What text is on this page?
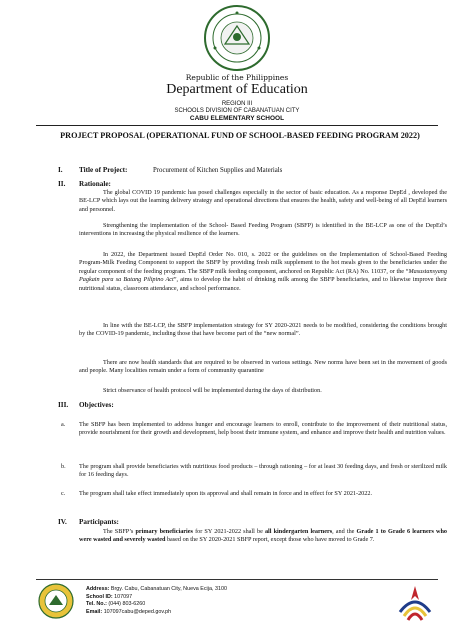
Republic of the Philippines
Department of Education
REGION III
SCHOOLS DIVISION OF CABANATUAN CITY
CABU ELEMENTARY SCHOOL
PROJECT PROPOSAL (OPERATIONAL FUND OF SCHOOL-BASED FEEDING PROGRAM 2022)
I. Title of Project:	Procurement of Kitchen Supplies and Materials
II. Rationale:

The global COVID 19 pandemic has posed challenges especially in the sector of basic education. As a response DepEd , developed the BE-LCP which lays out the learning delivery strategy and operational directions that ensures the health, safety and well-being of all DepEd learners and personnel.

Strengthening the implementation of the School- Based Feeding Program (SBFP) is identified in the BE-LCP as one of the DepEd’s interventions in increasing the physical resilience of the learners.

In 2022, the Department issued DepEd Order No. 010, s. 2022 or the guidelines on the Implementation of School-Based Feeding Program-Milk Feeding Component to support the SBFP by providing fresh milk supplement to the hot meals given to the beneficiaries under the regular component of the feeding program. The SBFP milk feeding component, anchored on Republic Act (RA) No. 11037, or the “Masustansyang Pagkain para sa Batang Pilipino Act”, aims to develop the habit of drinking milk among the SBFP beneficiaries, and to likewise improve their nutritional status, classroom attendance, and school performance.

In line with the BE-LCP, the SBFP implementation strategy for SY 2020-2021 needs to be modified, considering the conditions brought by the COVID-19 pandemic, including those that have become part of the “new normal”.

There are now health standards that are required to be observed in various settings. New norms have been set in the movement of goods and people. Many localities remain under a form of community quarantine

Strict observance of health protocol will be implemented during the days of distribution.

III. Objectives:
a. The SBFP has been implemented to address hunger and encourage learners to enroll, contribute to the improvement of their nutritional status, provide nourishment for their growth and development, help boost their immune system, and enhance and improve their health and nutrition values.

b. The program shall provide beneficiaries with nutritious food products – through rationing – for at least 30 feeding days, and fresh or sterilized milk for 16 feeding days.

c. The program shall take effect immediately upon its approval and shall remain in force and in effect for SY 2021-2022.

IV. Participants:

The SBFP’s primary beneficiaries for SY 2021-2022 shall be all kindergarten learners, and the Grade 1 to Grade 6 learners who were wasted and severely wasted based on the SY 2020-2021 SBFP report, except those who have moved to Grade 7.

Address: Brgy. Cabu, Cabanatuan City, Nueva Ecija, 3100
School ID: 107097
Tel. No.: (044) 803-6260
Email: 107097cabu@deped.gov.ph
